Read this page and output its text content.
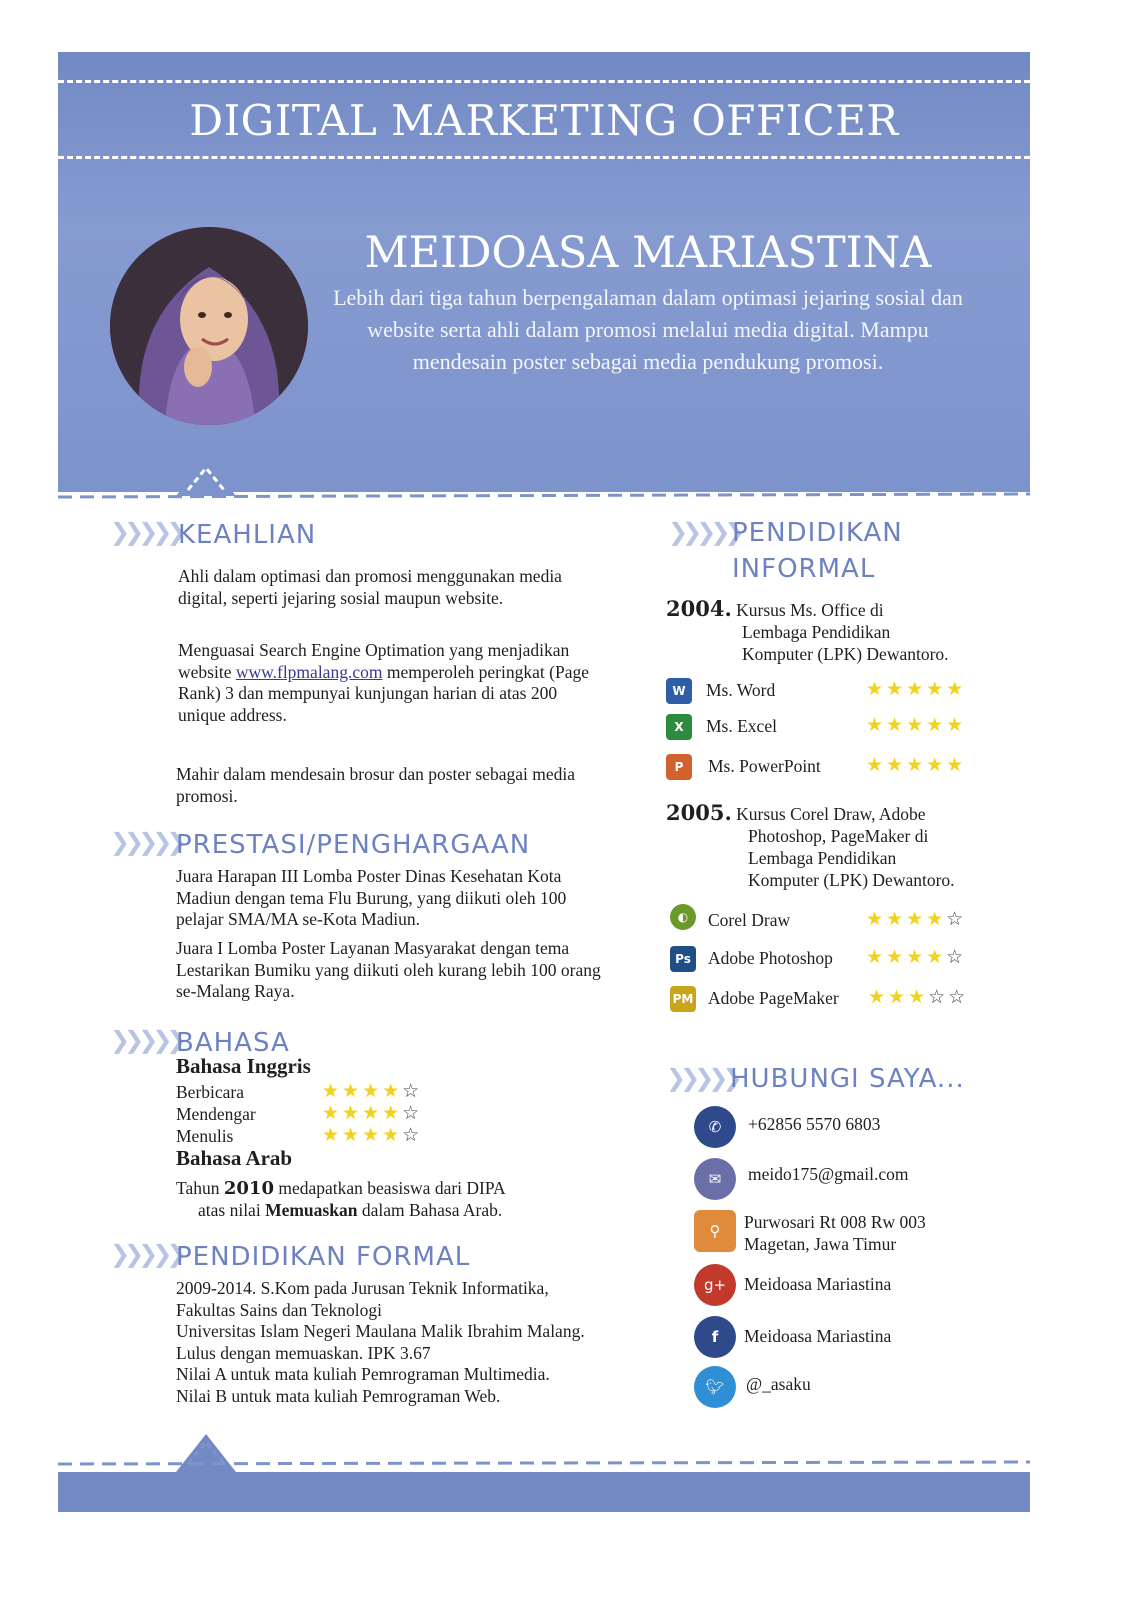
DIGITAL MARKETING OFFICER
MEIDOASA MARIASTINA
Lebih dari tiga tahun berpengalaman dalam optimasi jejaring sosial dan website serta ahli dalam promosi melalui media digital. Mampu mendesain poster sebagai media pendukung promosi.
❯❯❯❯❯
KEAHLIAN
Ahli dalam optimasi dan promosi menggunakan media digital, seperti jejaring sosial maupun website.
Menguasai Search Engine Optimation yang menjadikan website www.flpmalang.com memperoleh peringkat (Page Rank) 3 dan mempunyai kunjungan harian di atas 200 unique address.
Mahir dalam mendesain brosur dan poster sebagai media promosi.
❯❯❯❯❯
PRESTASI/PENGHARGAAN
Juara Harapan III Lomba Poster Dinas Kesehatan Kota Madiun dengan tema Flu Burung, yang diikuti oleh 100 pelajar SMA/MA se-Kota Madiun.
Juara I Lomba Poster Layanan Masyarakat dengan tema Lestarikan Bumiku yang diikuti oleh kurang lebih 100 orang se-Malang Raya.
❯❯❯❯❯
BAHASA
Bahasa Inggris
Berbicara	★★★★☆
Mendengar	★★★★☆
Menulis	★★★★☆
Bahasa Arab
Tahun 2010 medapatkan beasiswa dari DIPA
atas nilai Memuaskan dalam Bahasa Arab.
❯❯❯❯❯
PENDIDIKAN FORMAL
2009-2014. S.Kom pada Jurusan Teknik Informatika,
Fakultas Sains dan Teknologi
Universitas Islam Negeri Maulana Malik Ibrahim Malang.
Lulus dengan memuaskan. IPK 3.67
Nilai A untuk mata kuliah Pemrograman Multimedia.
Nilai B untuk mata kuliah Pemrograman Web.
❯❯❯❯❯
PENDIDIKAN
INFORMAL
2004. Kursus Ms. Office di
Lembaga Pendidikan
Komputer (LPK) Dewantoro.
W	Ms. Word	★★★★★
X	Ms. Excel	★★★★★
P	Ms. PowerPoint ★★★★★
2005. Kursus Corel Draw, Adobe
Photoshop, PageMaker di
Lembaga Pendidikan
Komputer (LPK) Dewantoro.
◐	Corel Draw	★★★★☆
Ps Adobe Photoshop ★★★★☆
PM Adobe PageMaker ★★★☆☆
❯❯❯❯❯
HUBUNGI SAYA...
✆	+62856 5570 6803
✉	meido175@gmail.com
⚲	Purwosari Rt 008 Rw 003
Magetan, Jawa Timur
g+	Meidoasa Mariastina
f	Meidoasa Mariastina
🐦︎	@_asaku
